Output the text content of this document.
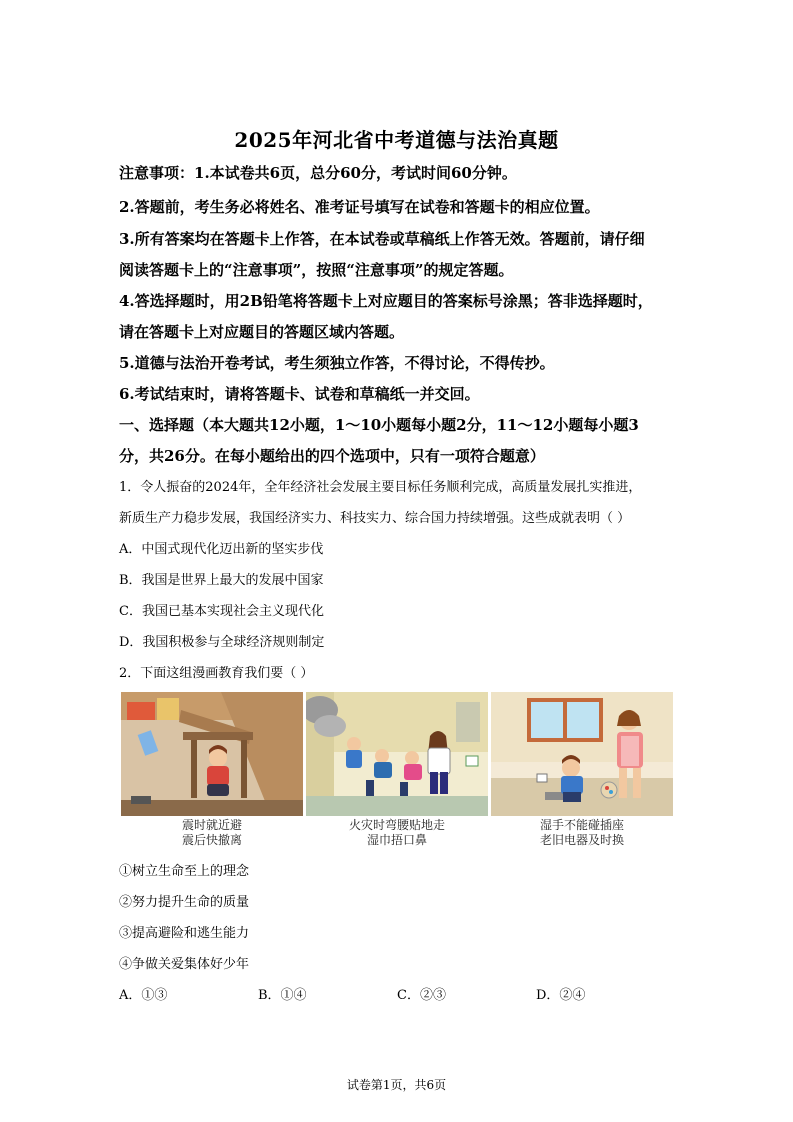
2025年河北省中考道德与法治真题
注意事项：1.本试卷共6页，总分60分，考试时间60分钟。
2.答题前，考生务必将姓名、准考证号填写在试卷和答题卡的相应位置。
3.所有答案均在答题卡上作答，在本试卷或草稿纸上作答无效。答题前，请仔细
阅读答题卡上的“注意事项”，按照“注意事项”的规定答题。
4.答选择题时，用2B铅笔将答题卡上对应题目的答案标号涂黑；答非选择题时，
请在答题卡上对应题目的答题区域内答题。
5.道德与法治开卷考试，考生须独立作答，不得讨论，不得传抄。
6.考试结束时，请将答题卡、试卷和草稿纸一并交回。
一、选择题（本大题共12小题，1～10小题每小题2分，11～12小题每小题3
分，共26分。在每小题给出的四个选项中，只有一项符合题意）
1．令人振奋的2024年，全年经济社会发展主要目标任务顺利完成，高质量发展扎实推进，
新质生产力稳步发展，我国经济实力、科技实力、综合国力持续增强。这些成就表明（ ）
A．中国式现代化迈出新的坚实步伐
B．我国是世界上最大的发展中国家
C．我国已基本实现社会主义现代化
D．我国积极参与全球经济规则制定
2．下面这组漫画教育我们要（ ）
震时就近避
震后快撤离
火灾时弯腰贴地走
湿巾捂口鼻
湿手不能碰插座
老旧电器及时换
①树立生命至上的理念
②努力提升生命的质量
③提高避险和逃生能力
④争做关爱集体好少年
A．①③	B．①④	C．②③	D．②④
试卷第1页，共6页
